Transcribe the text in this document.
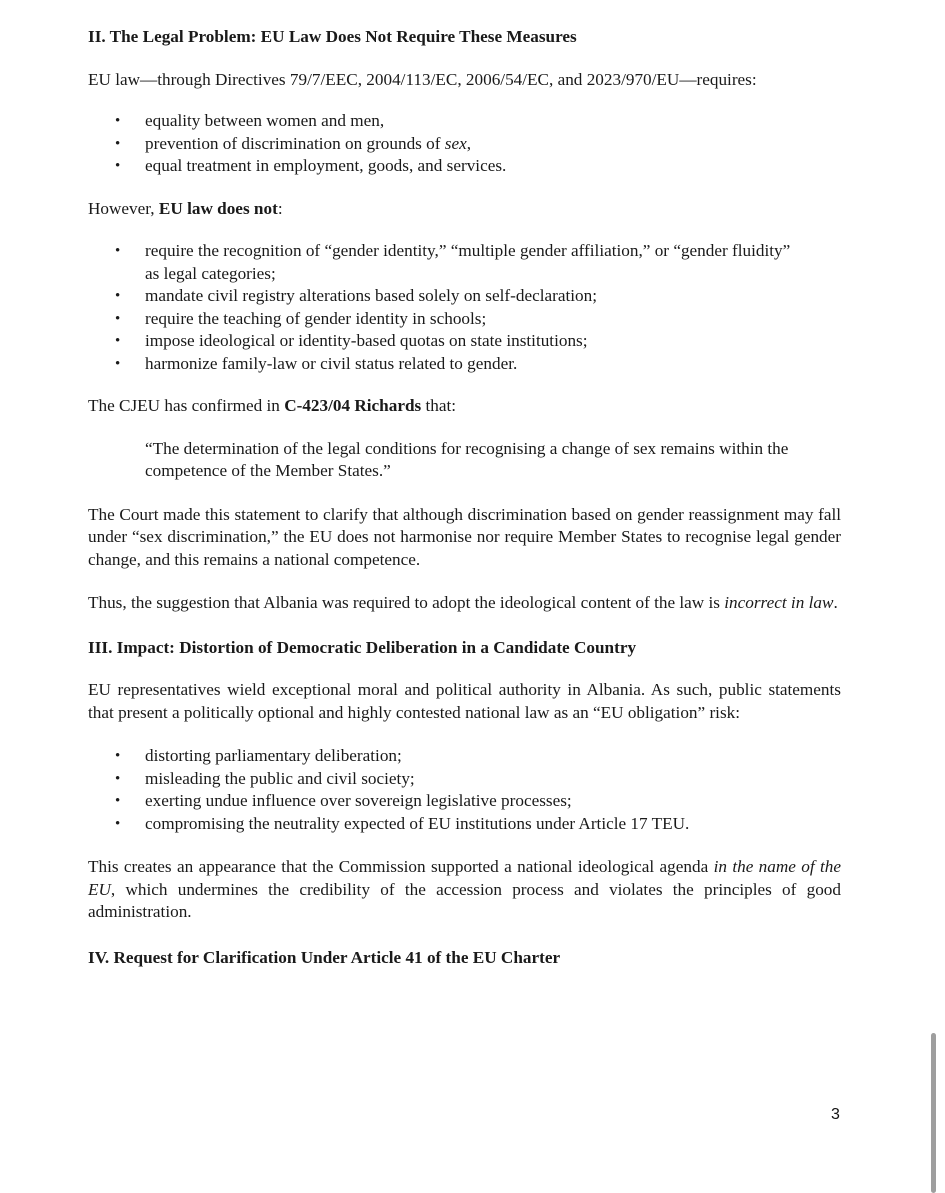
II. The Legal Problem: EU Law Does Not Require These Measures

EU law—through Directives 79/7/EEC, 2004/113/EC, 2006/54/EC, and 2023/970/EU—requires:

• equality between women and men,
• prevention of discrimination on grounds of sex,
• equal treatment in employment, goods, and services.

However, EU law does not:

• require the recognition of “gender identity,” “multiple gender affiliation,” or “gender fluidity” as legal categories;
• mandate civil registry alterations based solely on self-declaration;
• require the teaching of gender identity in schools;
• impose ideological or identity-based quotas on state institutions;
• harmonize family-law or civil status related to gender.

The CJEU has confirmed in C-423/04 Richards that:

“The determination of the legal conditions for recognising a change of sex remains within the competence of the Member States.”

The Court made this statement to clarify that although discrimination based on gender reassignment may fall under “sex discrimination,” the EU does not harmonise nor require Member States to recognise legal gender change, and this remains a national competence.

Thus, the suggestion that Albania was required to adopt the ideological content of the law is incorrect in law.

III. Impact: Distortion of Democratic Deliberation in a Candidate Country

EU representatives wield exceptional moral and political authority in Albania. As such, public statements that present a politically optional and highly contested national law as an “EU obligation” risk:

• distorting parliamentary deliberation;
• misleading the public and civil society;
• exerting undue influence over sovereign legislative processes;
• compromising the neutrality expected of EU institutions under Article 17 TEU.

This creates an appearance that the Commission supported a national ideological agenda in the name of the EU, which undermines the credibility of the accession process and violates the principles of good administration.

IV. Request for Clarification Under Article 41 of the EU Charter

3
